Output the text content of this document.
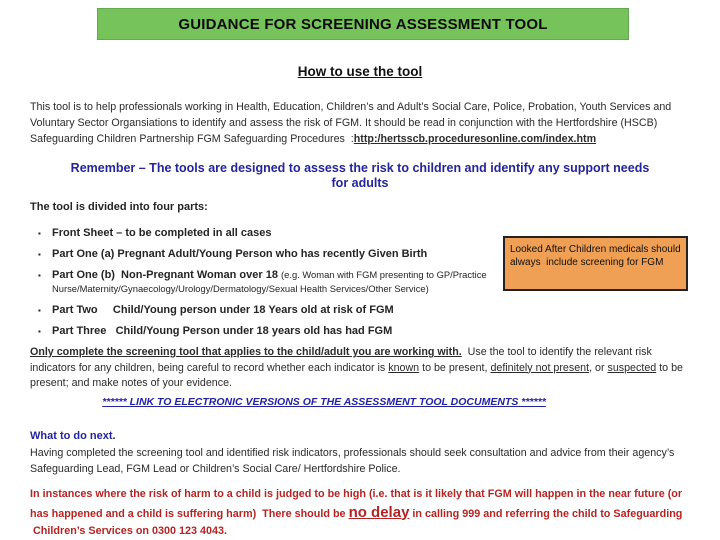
GUIDANCE FOR SCREENING ASSESSMENT TOOL
How to use the tool
This tool is to help professionals working in Health, Education, Children’s and Adult’s Social Care, Police, Probation, Youth Services and Voluntary Sector Organsiations to identify and assess the risk of FGM. It should be read in conjunction with the Hertfordshire (HSCB) Safeguarding Children Partnership FGM Safeguarding Procedures  :http:/hertsscb.proceduresonline.com/index.htm
Remember – The tools are designed to assess the risk to children and identify any support needs
for adults
The tool is divided into four parts:
▪ Front Sheet – to be completed in all cases
▪ Part One (a) Pregnant Adult/Young Person who has recently Given Birth
▪ Part One (b)  Non-Pregnant Woman over 18 (e.g. Woman with FGM presenting to GP/Practice Nurse/Maternity/Gynaecology/Urology/Dermatology/Sexual Health Services/Other Service)
▪ Part Two     Child/Young person under 18 Years old at risk of FGM
▪ Part Three   Child/Young Person under 18 years old has had FGM
Looked After Children medicals should always  include screening for FGM
Only complete the screening tool that applies to the child/adult you are working with.  Use the tool to identify the relevant risk indicators for any children, being careful to record whether each indicator is known to be present, definitely not present, or suspected to be present; and make notes of your evidence.
****** LINK TO ELECTRONIC VERSIONS OF THE ASSESSMENT TOOL DOCUMENTS ******
What to do next.
Having completed the screening tool and identified risk indicators, professionals should seek consultation and advice from their agency’s Safeguarding Lead, FGM Lead or Children’s Social Care/ Hertfordshire Police.
In instances where the risk of harm to a child is judged to be high (i.e. that is it likely that FGM will happen in the near future (or has happened and a child is suffering harm)  There should be no delay in calling 999 and referring the child to Safeguarding  Children’s Services on 0300 123 4043.
